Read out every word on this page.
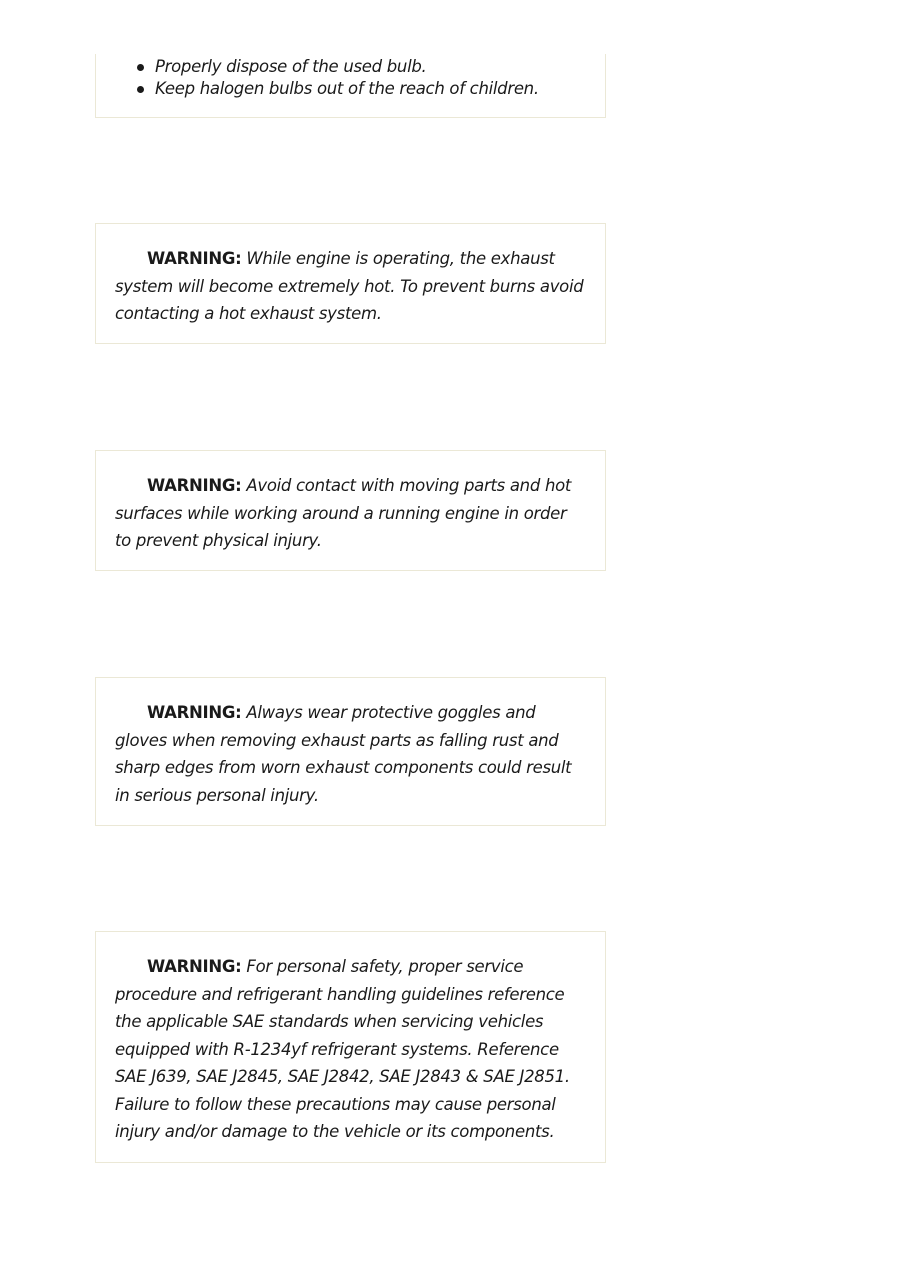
Properly dispose of the used bulb.
Keep halogen bulbs out of the reach of children.

WARNING: While engine is operating, the exhaust system will become extremely hot. To prevent burns avoid contacting a hot exhaust system.

WARNING: Avoid contact with moving parts and hot surfaces while working around a running engine in order to prevent physical injury.

WARNING: Always wear protective goggles and gloves when removing exhaust parts as falling rust and sharp edges from worn exhaust components could result in serious personal injury.

WARNING: For personal safety, proper service procedure and refrigerant handling guidelines reference the applicable SAE standards when servicing vehicles equipped with R-1234yf refrigerant systems. Reference SAE J639, SAE J2845, SAE J2842, SAE J2843 & SAE J2851. Failure to follow these precautions may cause personal injury and/or damage to the vehicle or its components.
